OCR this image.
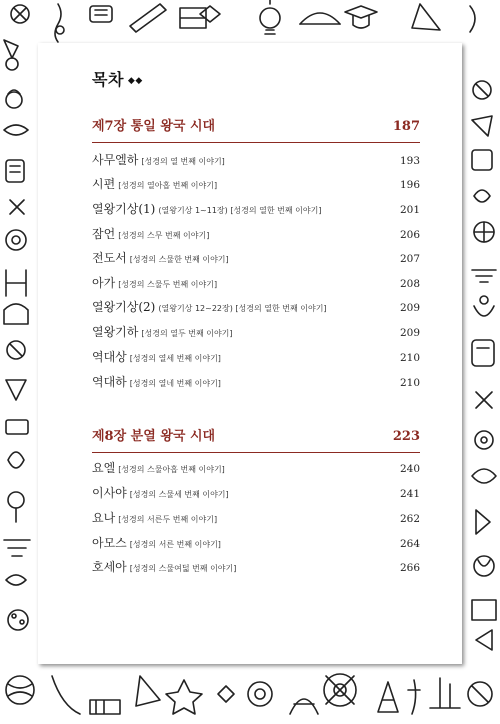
목차 ◆◆
제7장 통일 왕국 시대	187
사무엘하 [성경의 열 번째 이야기]	193
시편 [성경의 열아홉 번째 이야기]	196
열왕기상(1) (열왕기상 1~11장) [성경의 열한 번째 이야기]	201
잠언 [성경의 스무 번째 이야기]	206
전도서 [성경의 스물한 번째 이야기]	207
아가 [성경의 스물두 번째 이야기]	208
열왕기상(2) (열왕기상 12~22장) [성경의 열한 번째 이야기]	209
열왕기하 [성경의 열두 번째 이야기]	209
역대상 [성경의 열세 번째 이야기]	210
역대하 [성경의 열네 번째 이야기]	210
제8장 분열 왕국 시대	223
요엘 [성경의 스물아홉 번째 이야기]	240
이사야 [성경의 스물세 번째 이야기]	241
요나 [성경의 서른두 번째 이야기]	262
아모스 [성경의 서른 번째 이야기]	264
호세아 [성경의 스물여덟 번째 이야기]	266
